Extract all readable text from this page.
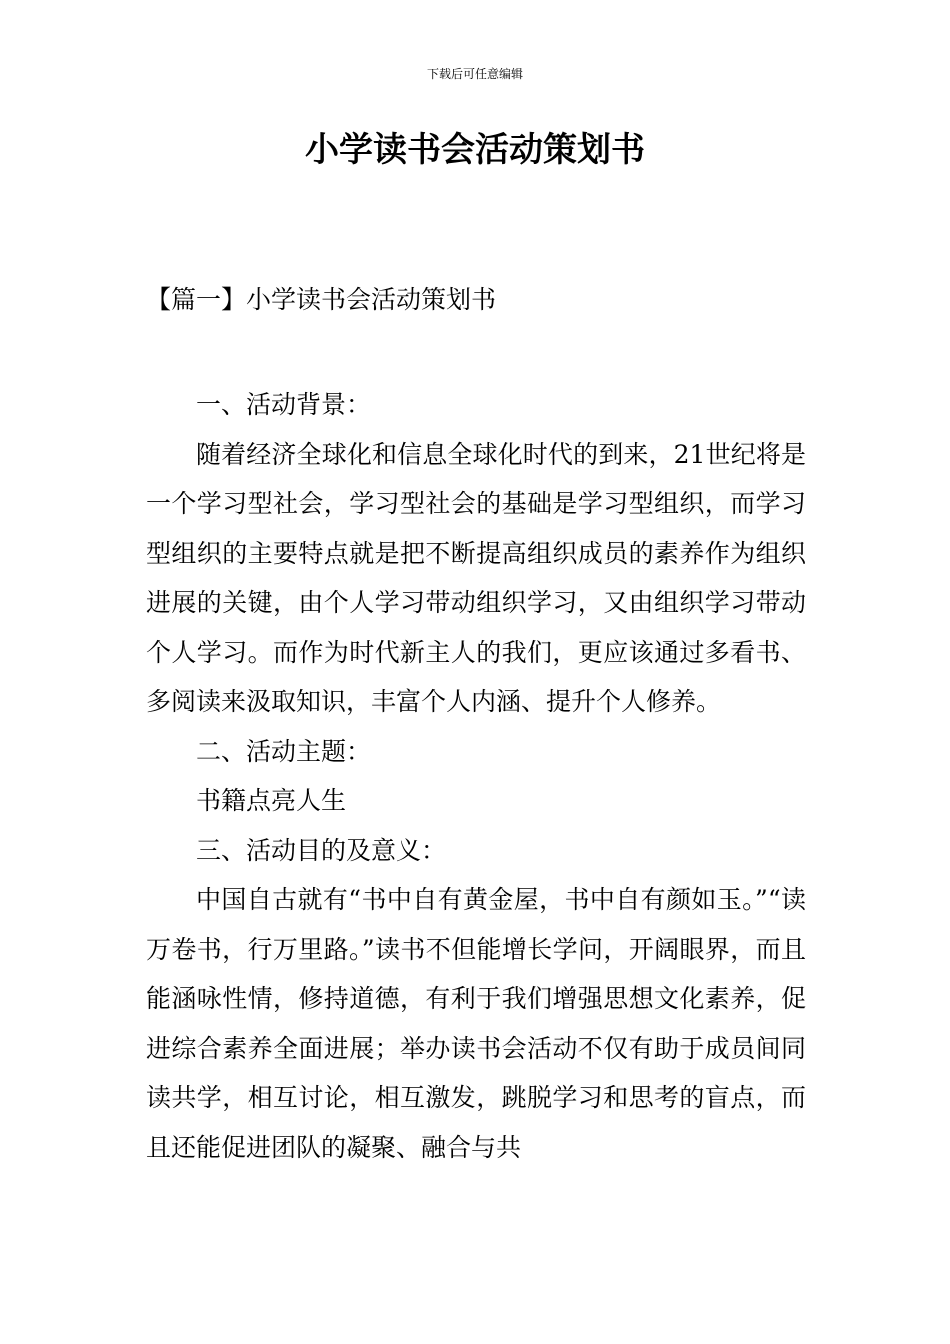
下载后可任意编辑
小学读书会活动策划书
【篇一】小学读书会活动策划书

一、活动背景：

随着经济全球化和信息全球化时代的到来，21世纪将是一个学习型社会，学习型社会的基础是学习型组织，而学习型组织的主要特点就是把不断提高组织成员的素养作为组织进展的关键，由个人学习带动组织学习，又由组织学习带动个人学习。而作为时代新主人的我们，更应该通过多看书、多阅读来汲取知识，丰富个人内涵、提升个人修养。

二、活动主题：

书籍点亮人生

三、活动目的及意义：

中国自古就有“书中自有黄金屋，书中自有颜如玉。”“读万卷书，行万里路。”读书不但能增长学问，开阔眼界，而且能涵咏性情，修持道德，有利于我们增强思想文化素养，促进综合素养全面进展；举办读书会活动不仅有助于成员间同读共学，相互讨论，相互激发，跳脱学习和思考的盲点，而且还能促进团队的凝聚、融合与共
